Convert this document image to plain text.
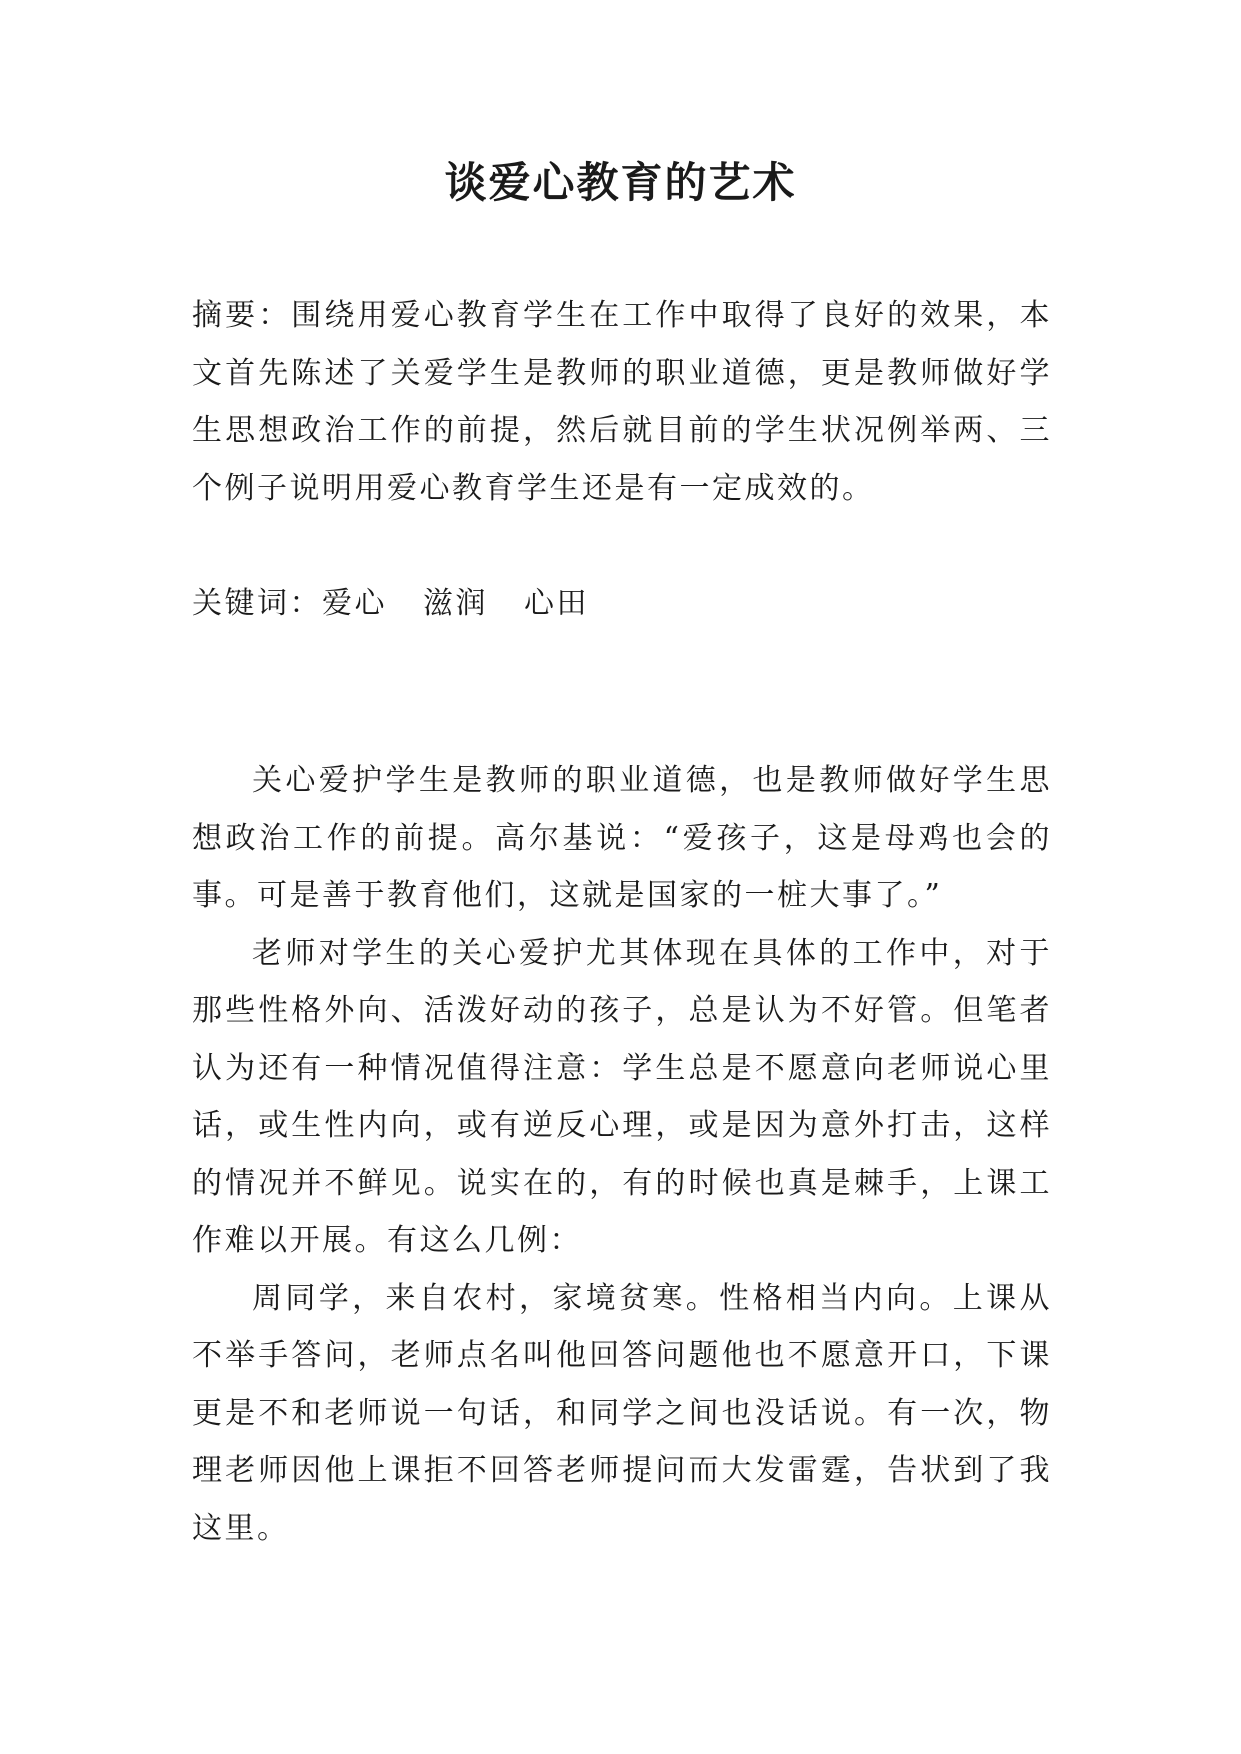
谈爱心教育的艺术

摘要：围绕用爱心教育学生在工作中取得了良好的效果，本文首先陈述了关爱学生是教师的职业道德，更是教师做好学生思想政治工作的前提，然后就目前的学生状况例举两、三个例子说明用爱心教育学生还是有一定成效的。

关键词：爱心 滋润 心田

关心爱护学生是教师的职业道德，也是教师做好学生思想政治工作的前提。高尔基说：“爱孩子，这是母鸡也会的事。可是善于教育他们，这就是国家的一桩大事了。”

老师对学生的关心爱护尤其体现在具体的工作中，对于那些性格外向、活泼好动的孩子，总是认为不好管。但笔者认为还有一种情况值得注意：学生总是不愿意向老师说心里话，或生性内向，或有逆反心理，或是因为意外打击，这样的情况并不鲜见。说实在的，有的时候也真是棘手，上课工作难以开展。有这么几例：

周同学，来自农村，家境贫寒。性格相当内向。上课从不举手答问，老师点名叫他回答问题他也不愿意开口，下课更是不和老师说一句话，和同学之间也没话说。有一次，物理老师因他上课拒不回答老师提问而大发雷霆，告状到了我这里。
